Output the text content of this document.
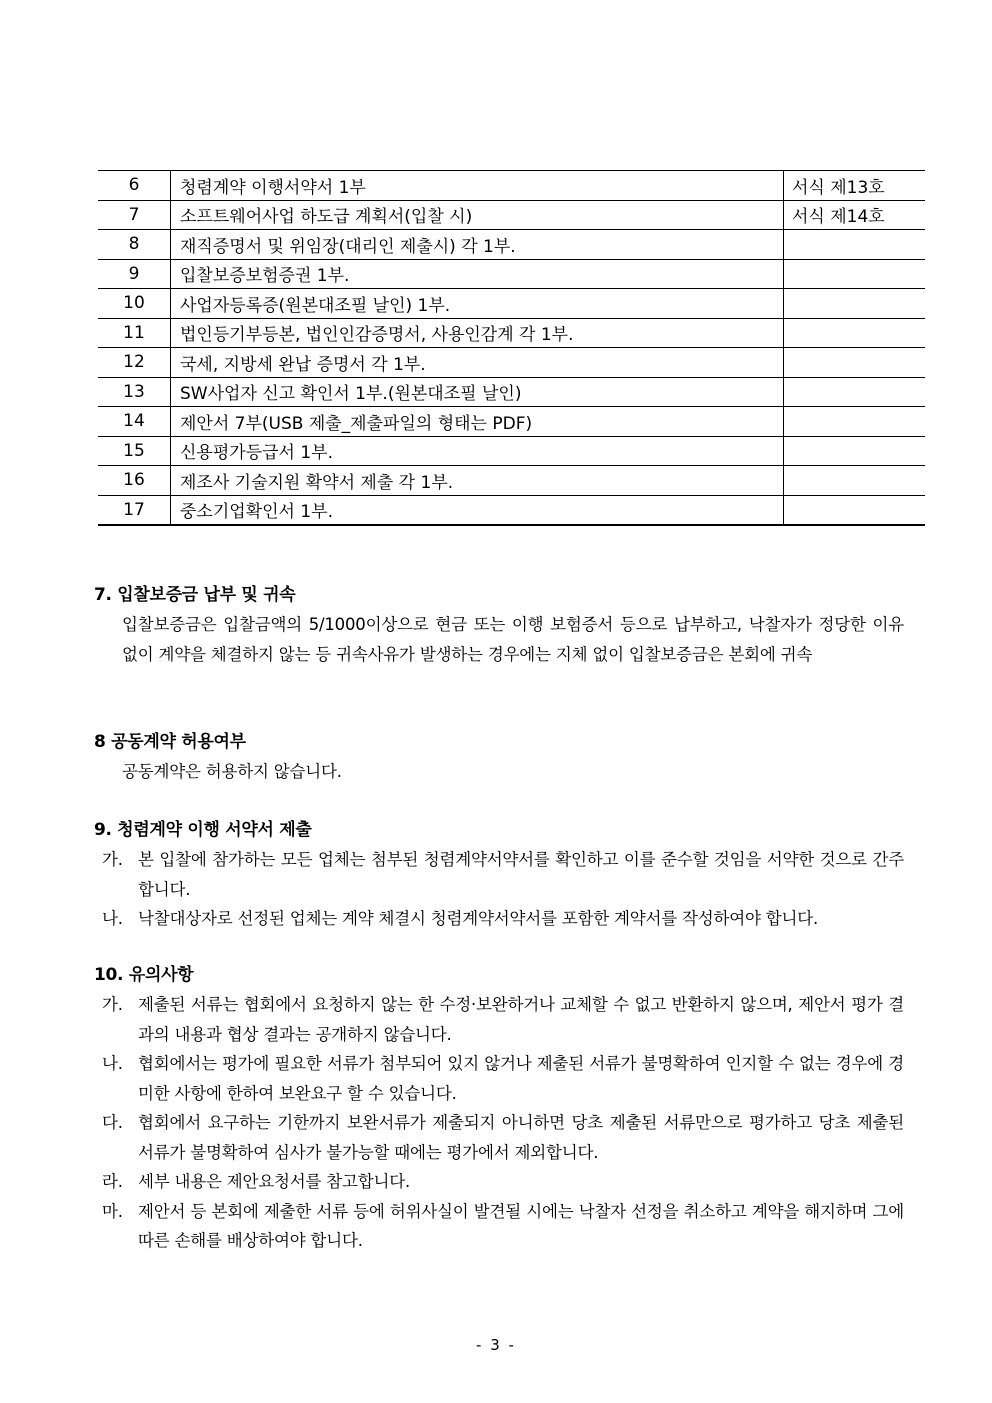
6	청렴계약 이행서약서 1부	서식 제13호
7	소프트웨어사업 하도급 계획서(입찰 시)	서식 제14호
8	재직증명서 및 위임장(대리인 제출시) 각 1부.	
9	입찰보증보험증권 1부.	
10	사업자등록증(원본대조필 날인) 1부.	
11	법인등기부등본, 법인인감증명서, 사용인감계 각 1부.	
12	국세, 지방세 완납 증명서 각 1부.	
13	SW사업자 신고 확인서 1부.(원본대조필 날인)	
14	제안서 7부(USB 제출_제출파일의 형태는 PDF)	
15	신용평가등급서 1부.	
16	제조사 기술지원 확약서 제출 각 1부.	
17	중소기업확인서 1부.	
7. 입찰보증금 납부 및 귀속
입찰보증금은 입찰금액의 5/1000이상으로 현금 또는 이행 보험증서 등으로 납부하고, 낙찰자가 정당한 이유 없이 계약을 체결하지 않는 등 귀속사유가 발생하는 경우에는 지체 없이 입찰보증금은 본회에 귀속
8 공동계약 허용여부
공동계약은 허용하지 않습니다.
9. 청렴계약 이행 서약서 제출
가. 본 입찰에 참가하는 모든 업체는 첨부된 청렴계약서약서를 확인하고 이를 준수할 것임을 서약한 것으로 간주합니다.
나. 낙찰대상자로 선정된 업체는 계약 체결시 청렴계약서약서를 포함한 계약서를 작성하여야 합니다.
10. 유의사항
가. 제출된 서류는 협회에서 요청하지 않는 한 수정·보완하거나 교체할 수 없고 반환하지 않으며, 제안서 평가 결과의 내용과 협상 결과는 공개하지 않습니다.
나. 협회에서는 평가에 필요한 서류가 첨부되어 있지 않거나 제출된 서류가 불명확하여 인지할 수 없는 경우에 경미한 사항에 한하여 보완요구 할 수 있습니다.
다. 협회에서 요구하는 기한까지 보완서류가 제출되지 아니하면 당초 제출된 서류만으로 평가하고 당초 제출된 서류가 불명확하여 심사가 불가능할 때에는 평가에서 제외합니다.
라. 세부 내용은 제안요청서를 참고합니다.
마. 제안서 등 본회에 제출한 서류 등에 허위사실이 발견될 시에는 낙찰자 선정을 취소하고 계약을 해지하며 그에 따른 손해를 배상하여야 합니다.
- 3 -
